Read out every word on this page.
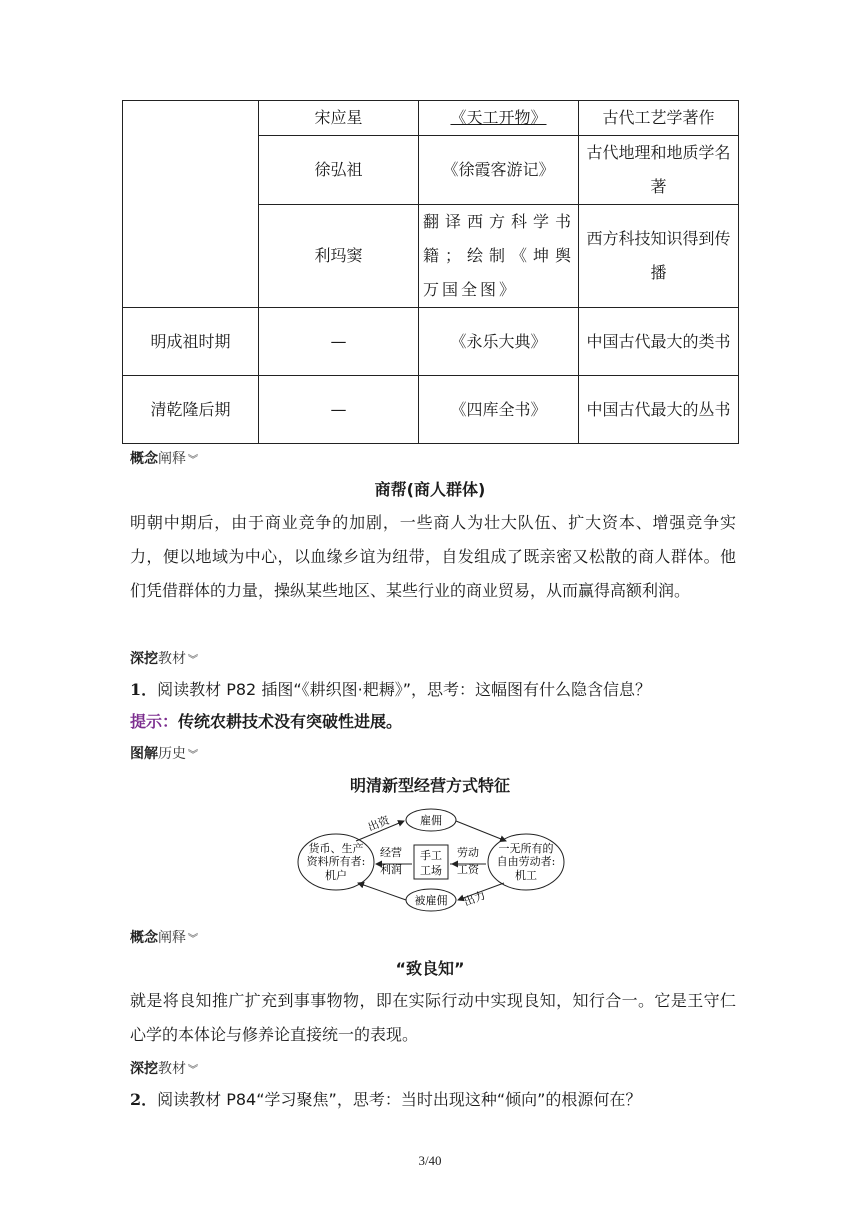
	宋应星	《天工开物》	古代工艺学著作
	徐弘祖	《徐霞客游记》	古代地理和地质学名著
	利玛窦	翻译西方科学书籍；绘制《坤舆万国全图》	西方科技知识得到传播
明成祖时期	—	《永乐大典》	中国古代最大的类书
清乾隆后期	—	《四库全书》	中国古代最大的丛书
概念阐释 ︾
商帮(商人群体)
明朝中期后，由于商业竞争的加剧，一些商人为壮大队伍、扩大资本、增强竞争实力，便以地域为中心，以血缘乡谊为纽带，自发组成了既亲密又松散的商人群体。他们凭借群体的力量，操纵某些地区、某些行业的商业贸易，从而赢得高额利润。
深挖教材 ︾
1．阅读教材 P82 插图“《耕织图·耙耨》”，思考：这幅图有什么隐含信息？
提示：传统农耕技术没有突破性进展。
图解历史 ︾
明清新型经营方式特征
货币、生产
资料所有者:
机户
一无所有的
自由劳动者:
机工
雇佣
被雇佣
手工
工场
经营
利润
劳动
工资
出资
出力
概念阐释 ︾
“致良知”
就是将良知推广扩充到事事物物，即在实际行动中实现良知，知行合一。它是王守仁心学的本体论与修养论直接统一的表现。
深挖教材 ︾
2．阅读教材 P84“学习聚焦”，思考：当时出现这种“倾向”的根源何在？
3/40
